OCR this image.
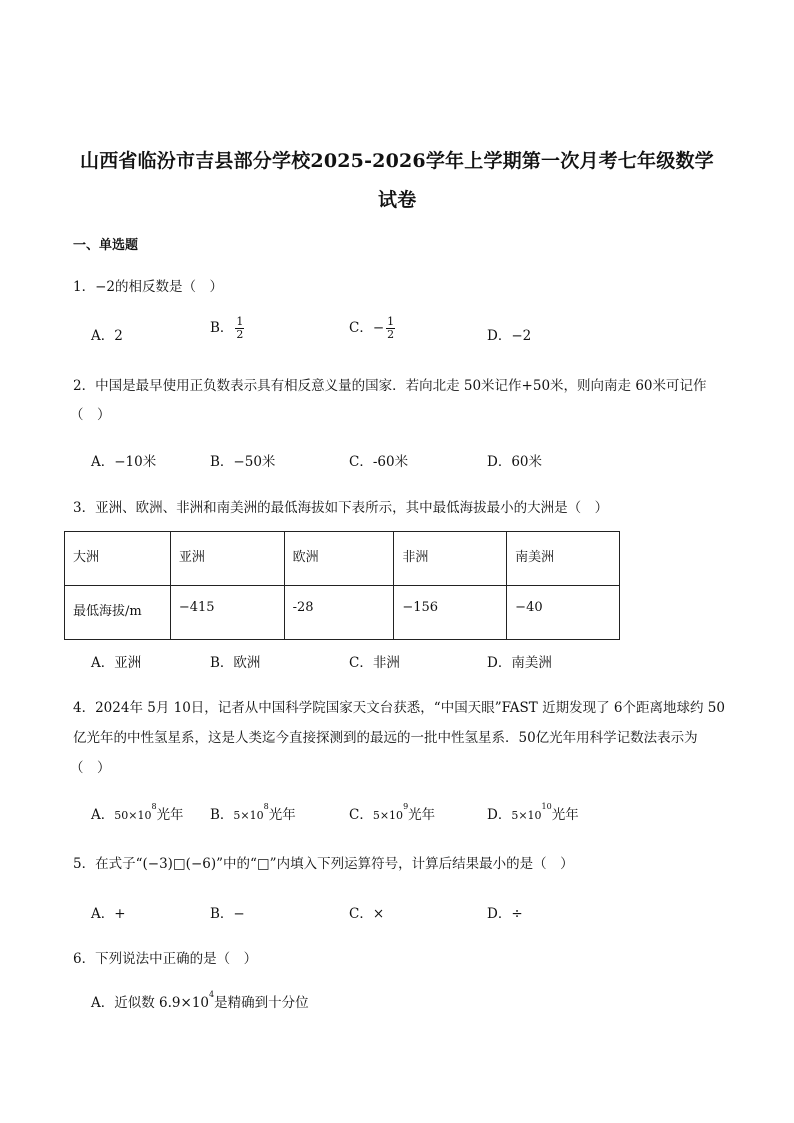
山西省临汾市吉县部分学校2025-2026学年上学期第一次月考七年级数学
试卷
一、单选题
1．−2的相反数是（　）
A．2	B． $\frac{1}{2}$	C．− $\frac{1}{2}$	D．−2
2．中国是最早使用正负数表示具有相反意义量的国家．若向北走 50米记作+50米，则向南走 60米可记作
（　）
A．−10米	B．−50米	C．-60米	D．60米
3．亚洲、欧洲、非洲和南美洲的最低海拔如下表所示，其中最低海拔最小的大洲是（　）
大洲	亚洲	欧洲	非洲	南美洲
最低海拔/m	−415	-28	−156	−40
A．亚洲	B．欧洲	C．非洲	D．南美洲
4．2024年 5月 10日，记者从中国科学院国家天文台获悉，“中国天眼”FAST 近期发现了 6个距离地球约 50
亿光年的中性氢星系，这是人类迄今直接探测到的最远的一批中性氢星系．50亿光年用科学记数法表示为
（　）
A．$50\times 10^8$光年 B．$5\times 10^8$光年	C．$5\times 10^9$光年	D．$5\times 10^{10}$光年
5．在式子“(−3)□(−6)”中的“□”内填入下列运算符号，计算后结果最小的是（　）
A．+	B．−	C．×	D．÷
6．下列说法中正确的是（　）
A．近似数 $6.9\times 10^4$是精确到十分位
